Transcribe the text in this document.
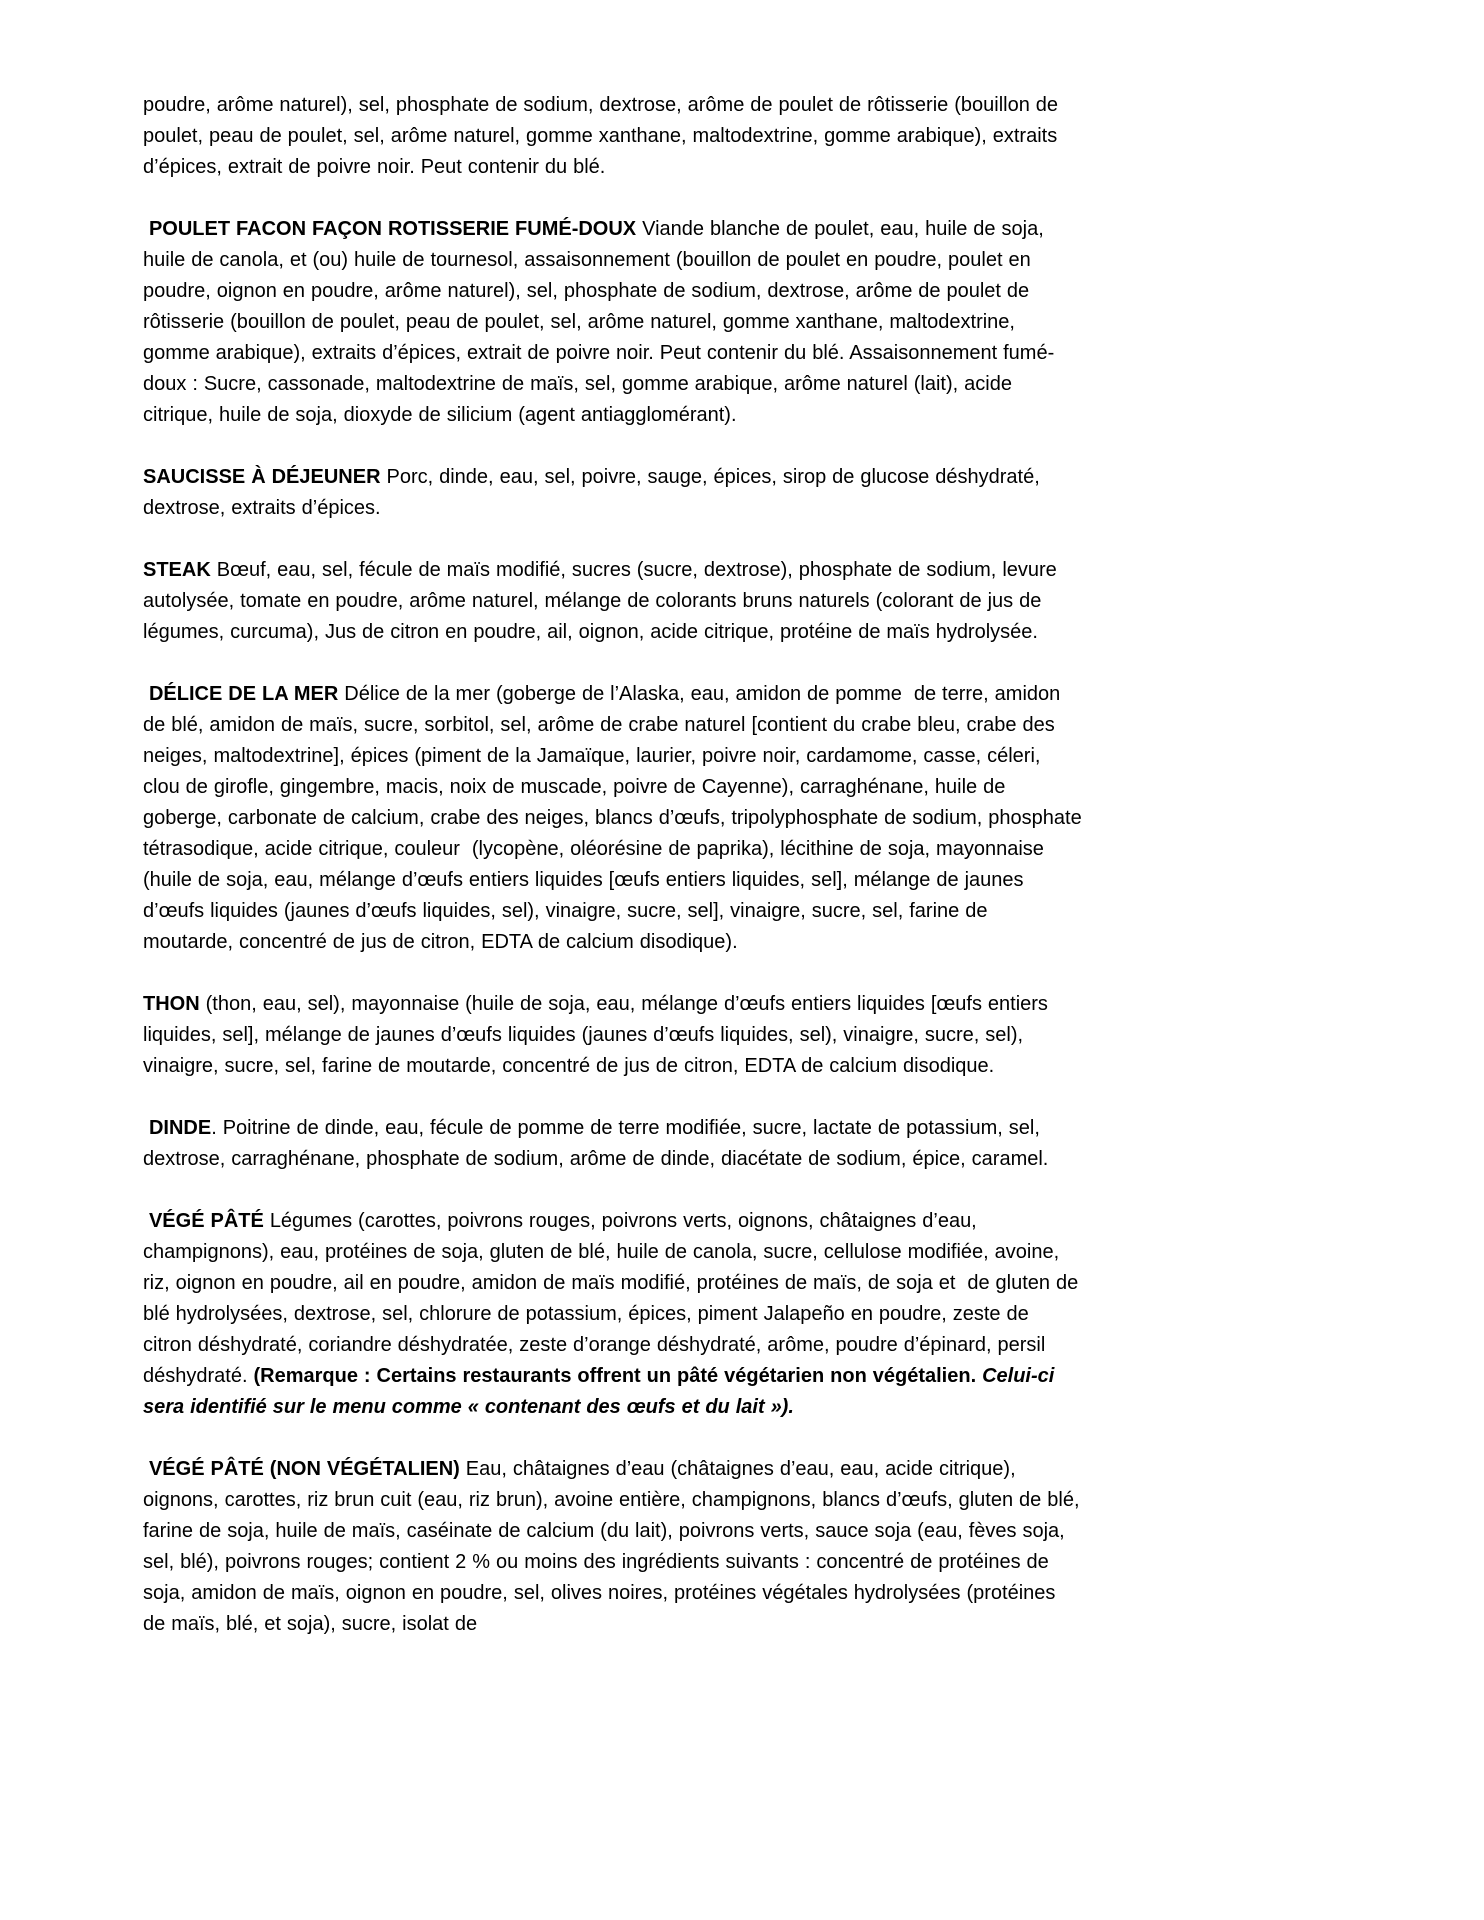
poudre, arôme naturel), sel, phosphate de sodium, dextrose, arôme de poulet de rôtisserie (bouillon de poulet, peau de poulet, sel, arôme naturel, gomme xanthane, maltodextrine, gomme arabique), extraits d’épices, extrait de poivre noir. Peut contenir du blé.

POULET FACON FAÇON ROTISSERIE FUMÉ-DOUX Viande blanche de poulet, eau, huile de soja, huile de canola, et (ou) huile de tournesol, assaisonnement (bouillon de poulet en poudre, poulet en poudre, oignon en poudre, arôme naturel), sel, phosphate de sodium, dextrose, arôme de poulet de rôtisserie (bouillon de poulet, peau de poulet, sel, arôme naturel, gomme xanthane, maltodextrine, gomme arabique), extraits d’épices, extrait de poivre noir. Peut contenir du blé. Assaisonnement fumé-doux : Sucre, cassonade, maltodextrine de maïs, sel, gomme arabique, arôme naturel (lait), acide citrique, huile de soja, dioxyde de silicium (agent antiagglomérant).

SAUCISSE À DÉJEUNER Porc, dinde, eau, sel, poivre, sauge, épices, sirop de glucose déshydraté, dextrose, extraits d’épices.

STEAK Bœuf, eau, sel, fécule de maïs modifié, sucres (sucre, dextrose), phosphate de sodium, levure autolysée, tomate en poudre, arôme naturel, mélange de colorants bruns naturels (colorant de jus de légumes, curcuma), Jus de citron en poudre, ail, oignon, acide citrique, protéine de maïs hydrolysée.

DÉLICE DE LA MER Délice de la mer (goberge de l’Alaska, eau, amidon de pomme  de terre, amidon de blé, amidon de maïs, sucre, sorbitol, sel, arôme de crabe naturel [contient du crabe bleu, crabe des neiges, maltodextrine], épices (piment de la Jamaïque, laurier, poivre noir, cardamome, casse, céleri, clou de girofle, gingembre, macis, noix de muscade, poivre de Cayenne), carraghénane, huile de goberge, carbonate de calcium, crabe des neiges, blancs d’œufs, tripolyphosphate de sodium, phosphate tétrasodique, acide citrique, couleur  (lycopène, oléorésine de paprika), lécithine de soja, mayonnaise (huile de soja, eau, mélange d’œufs entiers liquides [œufs entiers liquides, sel], mélange de jaunes d’œufs liquides (jaunes d’œufs liquides, sel), vinaigre, sucre, sel], vinaigre, sucre, sel, farine de moutarde, concentré de jus de citron, EDTA de calcium disodique).

THON (thon, eau, sel), mayonnaise (huile de soja, eau, mélange d’œufs entiers liquides [œufs entiers liquides, sel], mélange de jaunes d’œufs liquides (jaunes d’œufs liquides, sel), vinaigre, sucre, sel), vinaigre, sucre, sel, farine de moutarde, concentré de jus de citron, EDTA de calcium disodique.

DINDE. Poitrine de dinde, eau, fécule de pomme de terre modifiée, sucre, lactate de potassium, sel, dextrose, carraghénane, phosphate de sodium, arôme de dinde, diacétate de sodium, épice, caramel.

VÉGÉ PÂTÉ Légumes (carottes, poivrons rouges, poivrons verts, oignons, châtaignes d’eau, champignons), eau, protéines de soja, gluten de blé, huile de canola, sucre, cellulose modifiée, avoine, riz, oignon en poudre, ail en poudre, amidon de maïs modifié, protéines de maïs, de soja et  de gluten de blé hydrolysées, dextrose, sel, chlorure de potassium, épices, piment Jalapeño en poudre, zeste de citron déshydraté, coriandre déshydratée, zeste d’orange déshydraté, arôme, poudre d’épinard, persil déshydraté. (Remarque : Certains restaurants offrent un pâté végétarien non végétalien. Celui-ci sera identifié sur le menu comme « contenant des œufs et du lait »).

VÉGÉ PÂTÉ (NON VÉGÉTALIEN) Eau, châtaignes d’eau (châtaignes d’eau, eau, acide citrique), oignons, carottes, riz brun cuit (eau, riz brun), avoine entière, champignons, blancs d’œufs, gluten de blé, farine de soja, huile de maïs, caséinate de calcium (du lait), poivrons verts, sauce soja (eau, fèves soja, sel, blé), poivrons rouges; contient 2 % ou moins des ingrédients suivants : concentré de protéines de soja, amidon de maïs, oignon en poudre, sel, olives noires, protéines végétales hydrolysées (protéines de maïs, blé, et soja), sucre, isolat de
